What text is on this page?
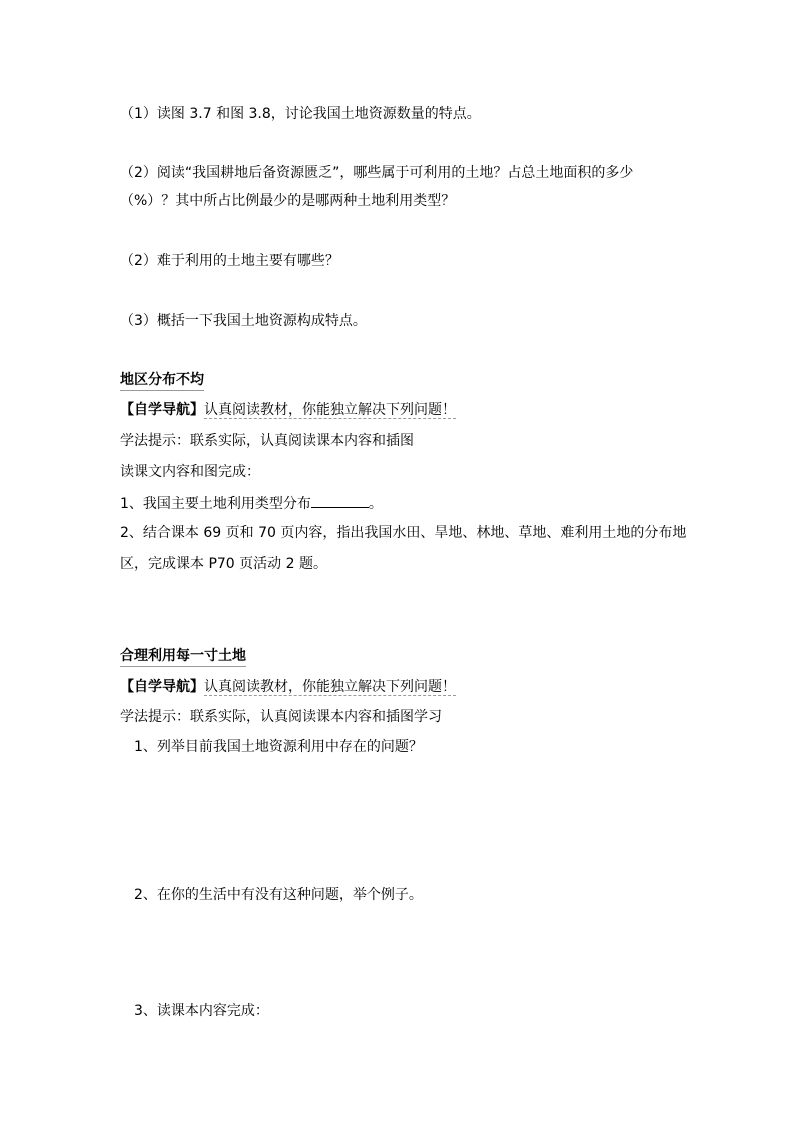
（1）读图 3.7 和图 3.8，讨论我国土地资源数量的特点。
（2）阅读“我国耕地后备资源匮乏”，哪些属于可利用的土地？占总土地面积的多少
（%）？其中所占比例最少的是哪两种土地利用类型？
（2）难于利用的土地主要有哪些？
（3）概括一下我国土地资源构成特点。
地区分布不均
【自学导航】认真阅读教材，你能独立解决下列问题！
学法提示：联系实际，认真阅读课本内容和插图
读课文内容和图完成：
1、我国主要土地利用类型分布	。
2、结合课本 69 页和 70 页内容，指出我国水田、旱地、林地、草地、难利用土地的分布地
区，完成课本 P70 页活动 2 题。
合理利用每一寸土地
【自学导航】认真阅读教材，你能独立解决下列问题！
学法提示：联系实际，认真阅读课本内容和插图学习
1、列举目前我国土地资源利用中存在的问题？
2、在你的生活中有没有这种问题，举个例子。
3、读课本内容完成：
